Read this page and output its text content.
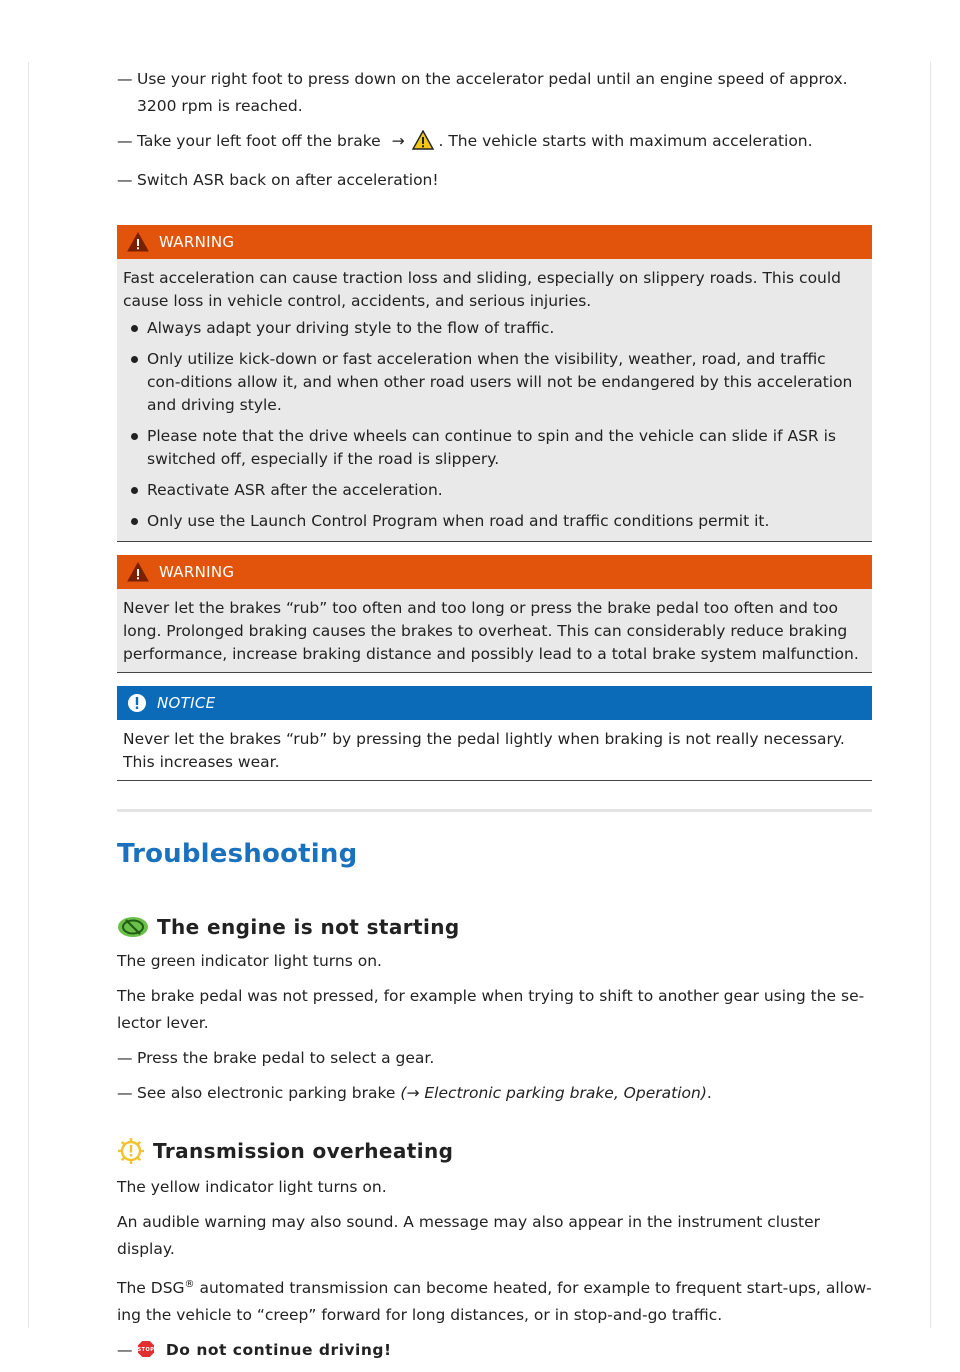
— Use your right foot to press down on the accelerator pedal until an engine speed of approx. 3200 rpm is reached.
— Take your left foot off the brake → . The vehicle starts with maximum acceleration.
— Switch ASR back on after acceleration!
WARNING

Fast acceleration can cause traction loss and sliding, especially on slippery roads. This could cause loss in vehicle control, accidents, and serious injuries.

Always adapt your driving style to the flow of traffic.
Only utilize kick-down or fast acceleration when the visibility, weather, road, and traffic con-ditions allow it, and when other road users will not be endangered by this acceleration and driving style.
Please note that the drive wheels can continue to spin and the vehicle can slide if ASR is switched off, especially if the road is slippery.
Reactivate ASR after the acceleration.
Only use the Launch Control Program when road and traffic conditions permit it.
WARNING

Never let the brakes “rub” too often and too long or press the brake pedal too often and too long. Prolonged braking causes the brakes to overheat. This can considerably reduce braking performance, increase braking distance and possibly lead to a total brake system malfunction.

NOTICE

Never let the brakes “rub” by pressing the pedal lightly when braking is not really necessary. This increases wear.

Troubleshooting
The engine is not starting

The green indicator light turns on.

The brake pedal was not pressed, for example when trying to shift to another gear using the se-lector lever.

— Press the brake pedal to select a gear.
— See also electronic parking brake (→ Electronic parking brake, Operation).
Transmission overheating

The yellow indicator light turns on.

An audible warning may also sound. A message may also appear in the instrument cluster display.

The DSG® automated transmission can become heated, for example to frequent start-ups, allow-ing the vehicle to “creep” forward for long distances, or in stop-and-go traffic.

— STOP Do not continue driving!
